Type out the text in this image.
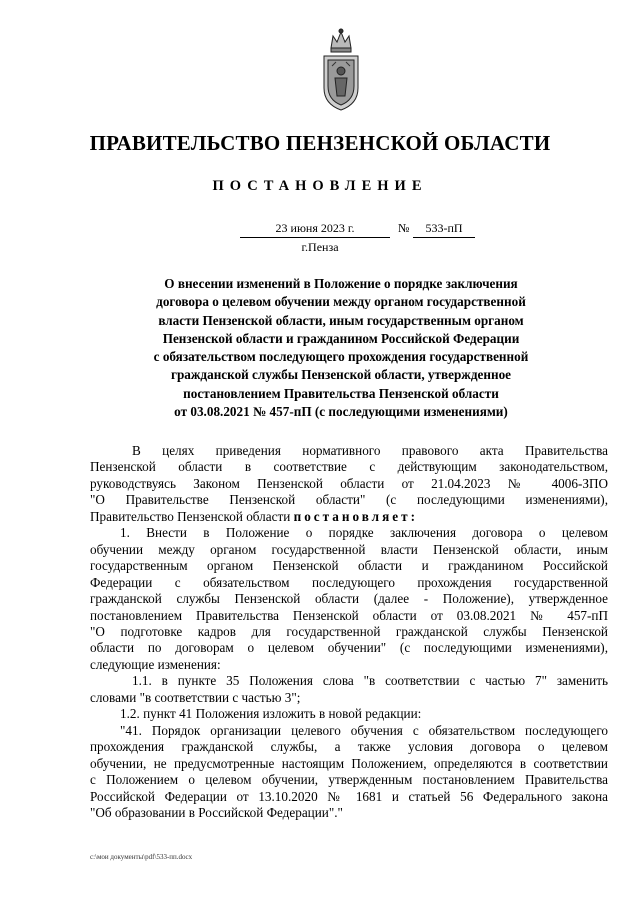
ПРАВИТЕЛЬСТВО ПЕНЗЕНСКОЙ ОБЛАСТИ
ПОСТАНОВЛЕНИЕ
23 июня 2023 г.	№	533-пП
г.Пенза
О внесении изменений в Положение о порядке заключения
договора о целевом обучении между органом государственной
власти Пензенской области, иным государственным органом
Пензенской области и гражданином Российской Федерации
с обязательством последующего прохождения государственной
гражданской службы Пензенской области, утвержденное
постановлением Правительства Пензенской области
от 03.08.2021 № 457-пП (с последующими изменениями)
В целях приведения нормативного правового акта Правительства
Пензенской области в соответствие с действующим законодательством,
руководствуясь Законом Пензенской области от 21.04.2023 № 4006-ЗПО
"О Правительстве Пензенской области" (с последующими изменениями),
Правительство Пензенской области постановляет:
1. Внести в Положение о порядке заключения договора о целевом
обучении между органом государственной власти Пензенской области, иным
государственным органом Пензенской области и гражданином Российской
Федерации с обязательством последующего прохождения государственной
гражданской службы Пензенской области (далее - Положение), утвержденное
постановлением Правительства Пензенской области от 03.08.2021 № 457-пП
"О подготовке кадров для государственной гражданской службы Пензенской
области по договорам о целевом обучении" (с последующими изменениями),
следующие изменения:
1.1. в пункте 35 Положения слова "в соответствии с частью 7" заменить
словами "в соответствии с частью 3";
1.2. пункт 41 Положения изложить в новой редакции:
"41. Порядок организации целевого обучения с обязательством последующего
прохождения гражданской службы, а также условия договора о целевом
обучении, не предусмотренные настоящим Положением, определяются в соответствии
с Положением о целевом обучении, утвержденным постановлением Правительства
Российской Федерации от 13.10.2020 № 1681 и статьей 56 Федерального закона
"Об образовании в Российской Федерации"."
c:\мои документы\pdf\533-пп.docx
